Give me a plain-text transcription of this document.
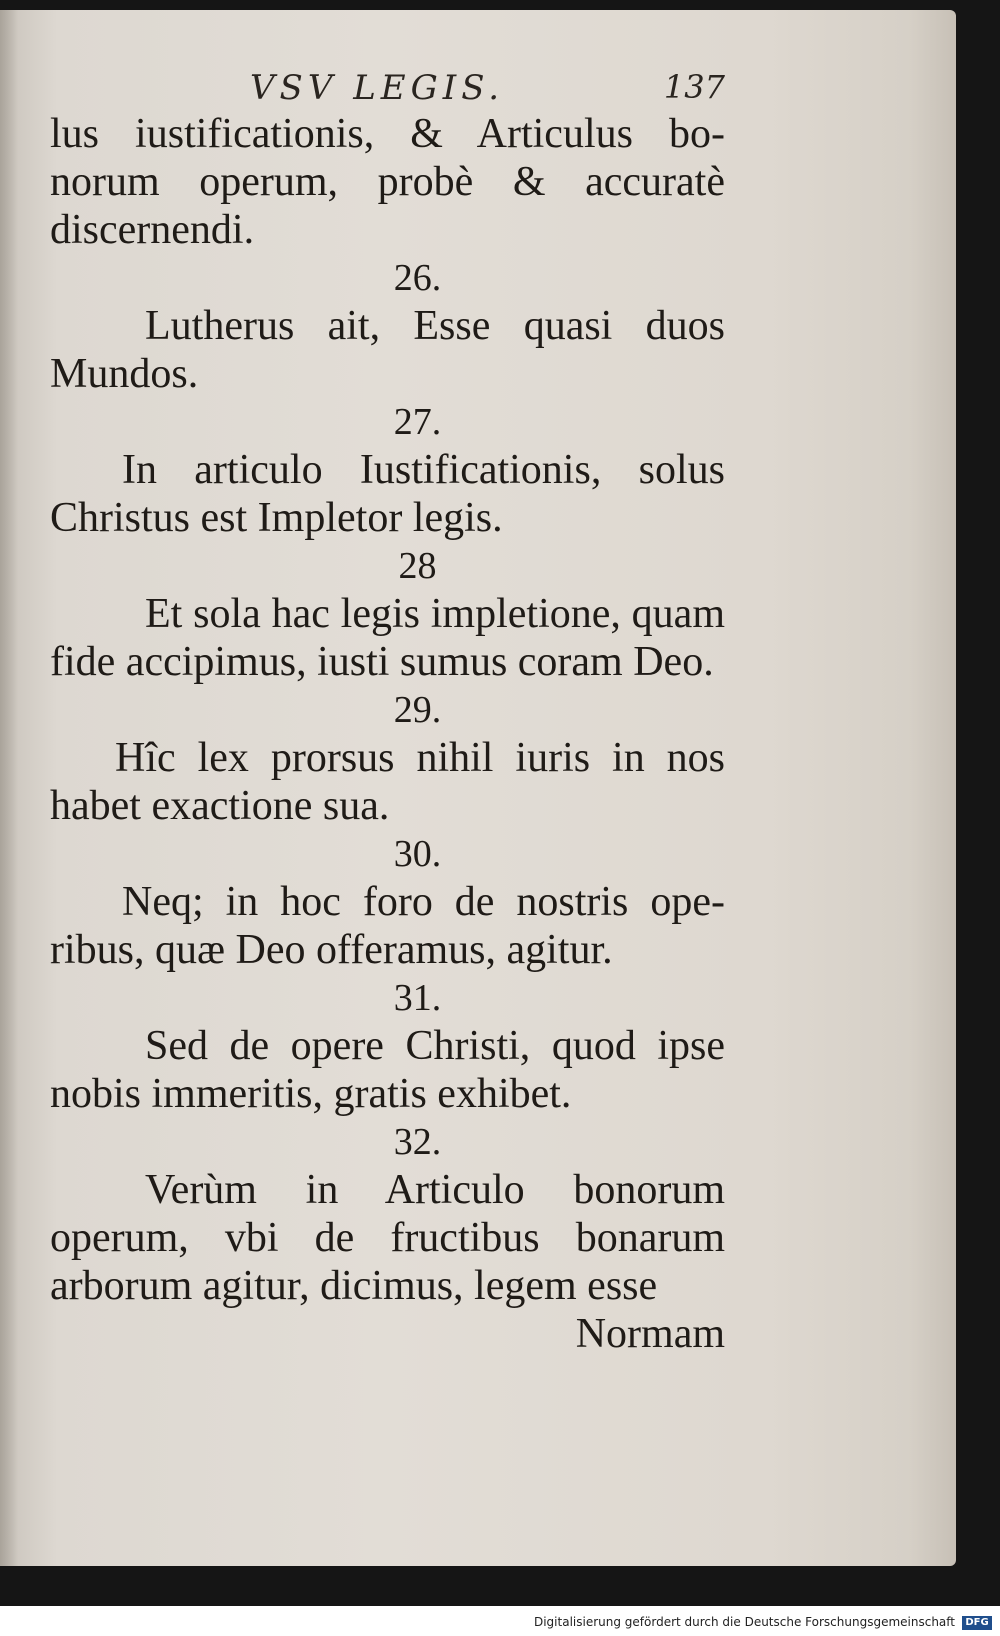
VSV LEGIS.	137

lus iustificationis, & Articulus bo- norum operum, probè & accuratè discernendi.

26.

Lutherus ait, Esse quasi duos Mundos.

27.

In articulo Iustificationis, solus Christus est Impletor legis.

28

Et sola hac legis impletione, quam fide accipimus, iusti sumus coram Deo.

29.

Hîc lex prorsus nihil iuris in nos habet exactione sua.

30.

Neq; in hoc foro de nostris ope- ribus, quæ Deo offeramus, agitur.

31.

Sed de opere Christi, quod ipse nobis immeritis, gratis exhibet.

32.

Verùm in Articulo bonorum operum, vbi de fructibus bonarum arborum agitur, dicimus, legem esse

Normam

Digitalisierung gefördert durch die Deutsche Forschungsgemeinschaft	DFG
